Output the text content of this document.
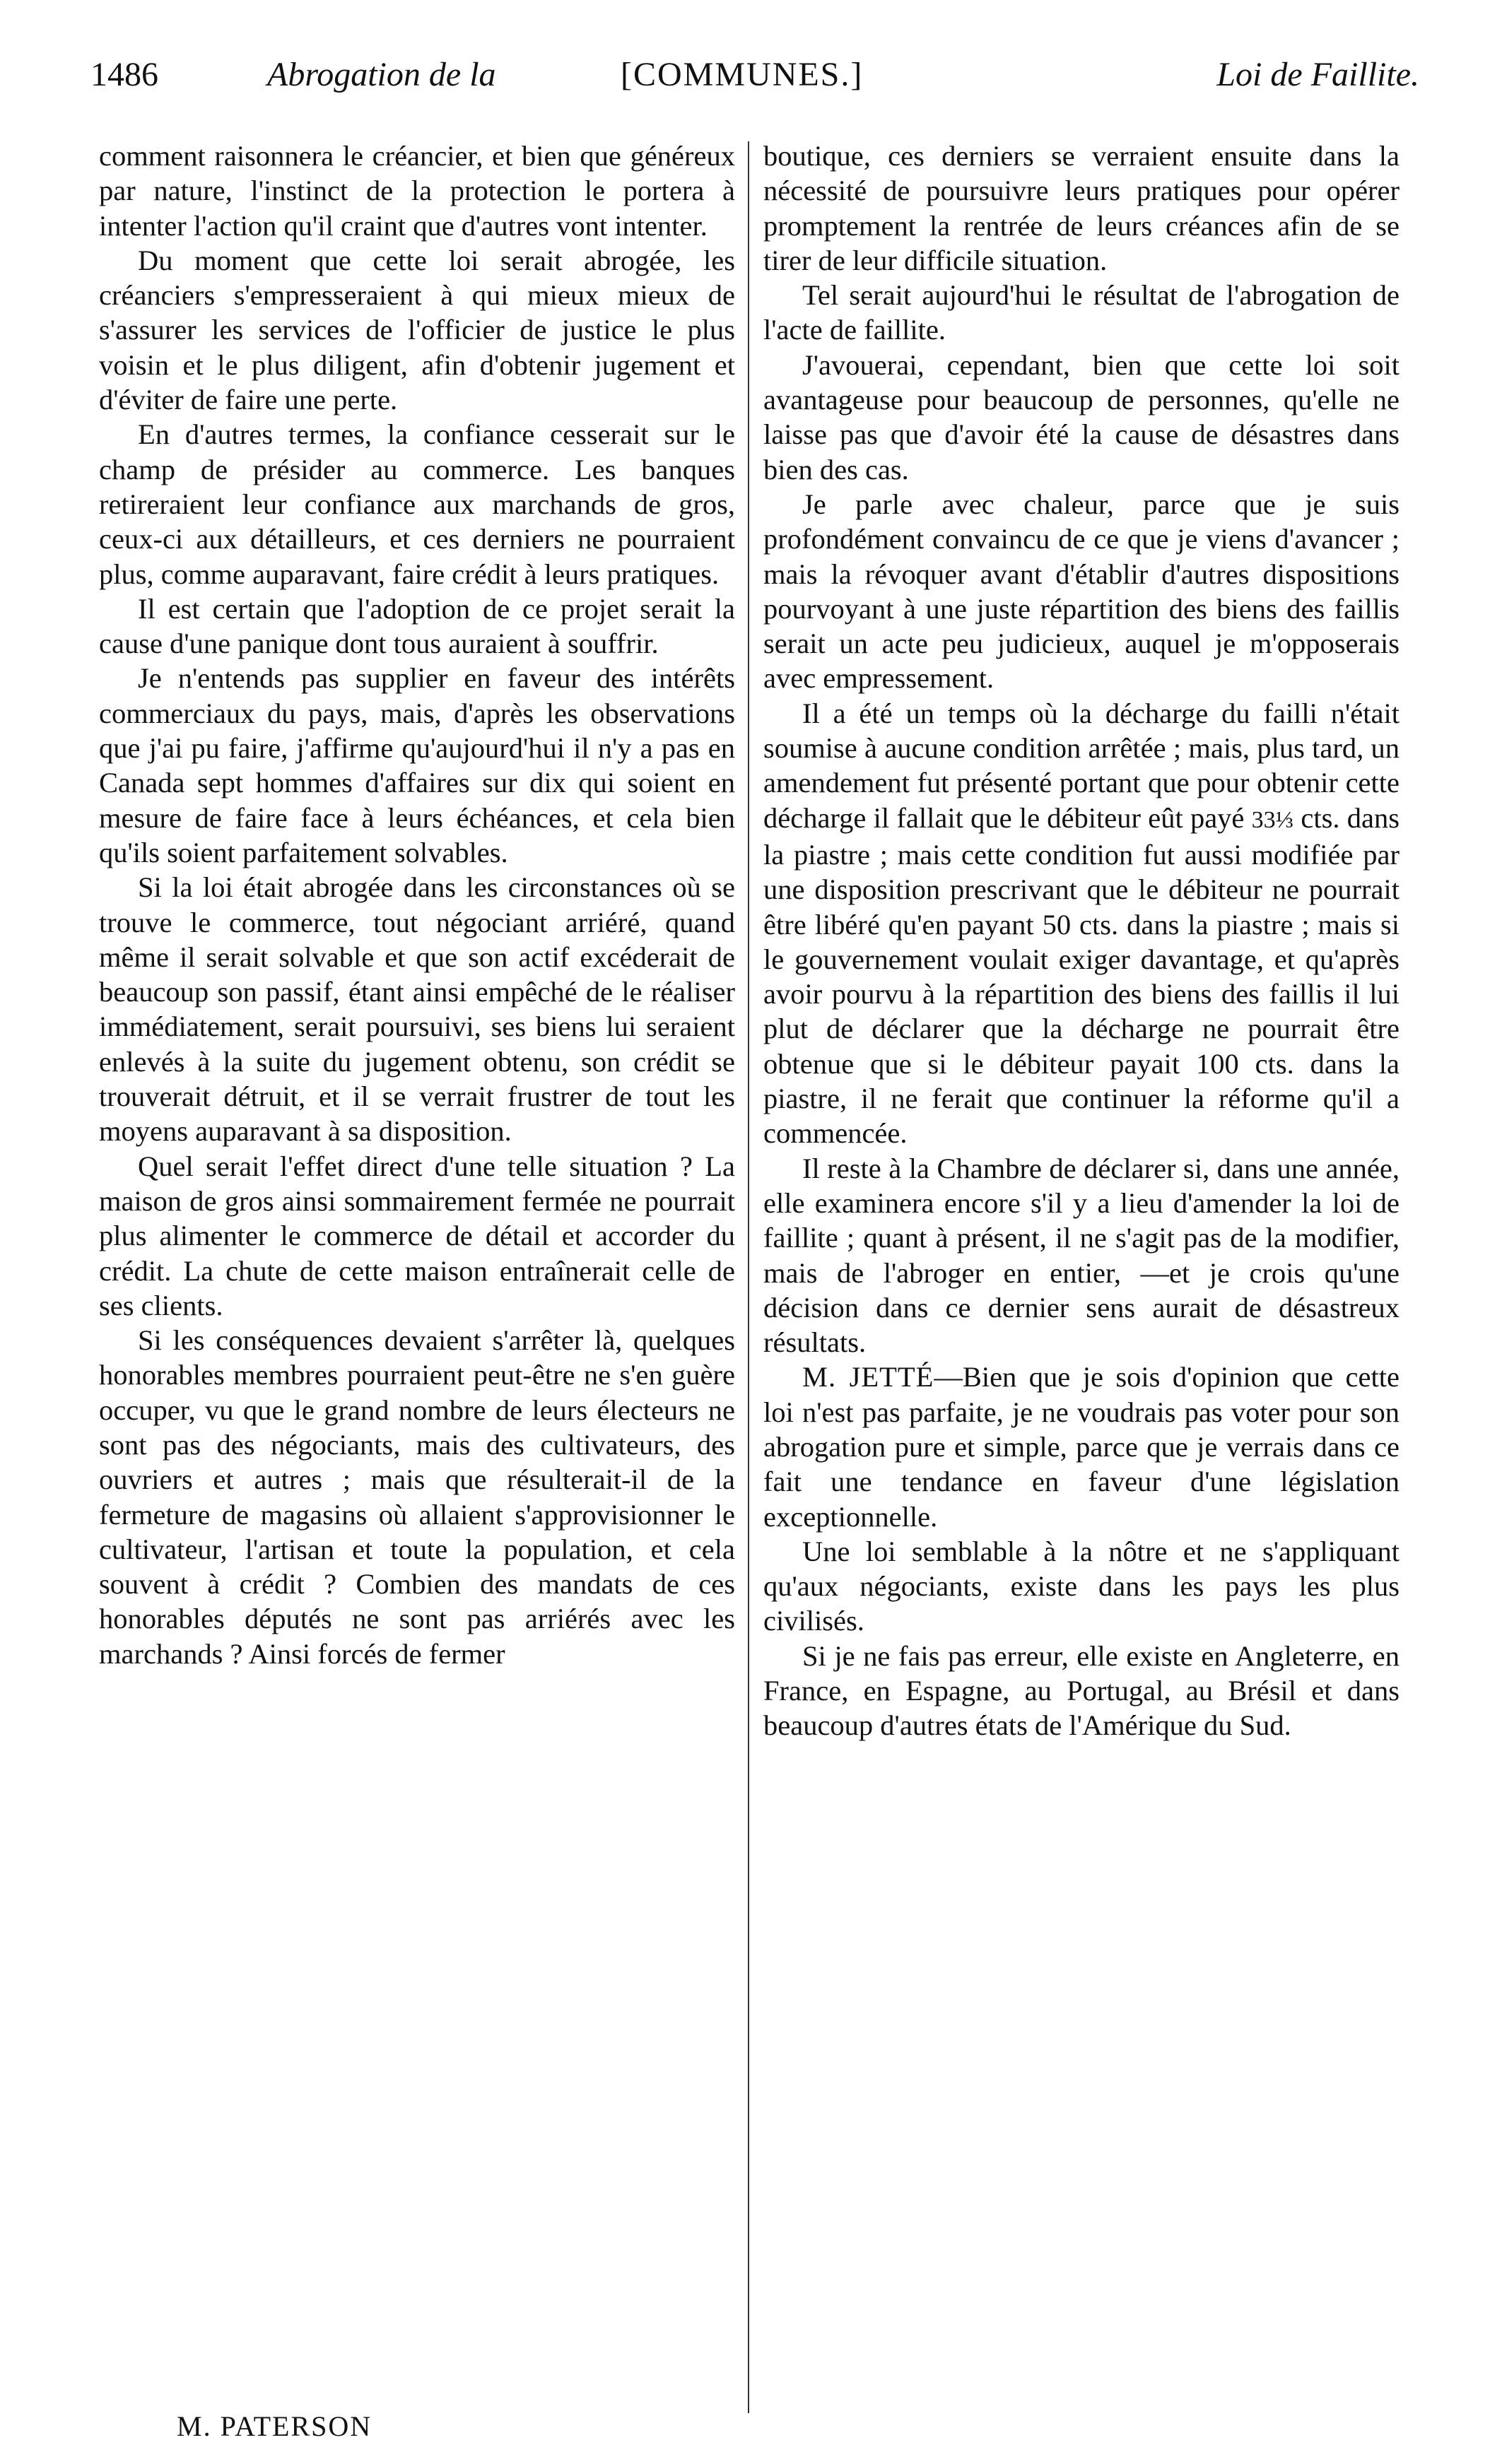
1486	Abrogation de la	[COMMUNES.]	Loi de Faillite.

comment raisonnera le créancier, et bien que généreux par nature, l'instinct de la protection le portera à intenter l'action qu'il craint que d'autres vont intenter.

Du moment que cette loi serait abrogée, les créanciers s'empresseraient à qui mieux mieux de s'assurer les services de l'officier de justice le plus voisin et le plus diligent, afin d'obtenir jugement et d'éviter de faire une perte.

En d'autres termes, la confiance cesserait sur le champ de présider au commerce. Les banques retireraient leur confiance aux marchands de gros, ceux-ci aux détailleurs, et ces derniers ne pourraient plus, comme auparavant, faire crédit à leurs pratiques.

Il est certain que l'adoption de ce projet serait la cause d'une panique dont tous auraient à souffrir.

Je n'entends pas supplier en faveur des intérêts commerciaux du pays, mais, d'après les observations que j'ai pu faire, j'affirme qu'aujourd'hui il n'y a pas en Canada sept hommes d'affaires sur dix qui soient en mesure de faire face à leurs échéances, et cela bien qu'ils soient parfaitement solvables.

Si la loi était abrogée dans les circonstances où se trouve le commerce, tout négociant arriéré, quand même il serait solvable et que son actif excéderait de beaucoup son passif, étant ainsi empêché de le réaliser immédiatement, serait poursuivi, ses biens lui seraient enlevés à la suite du jugement obtenu, son crédit se trouverait détruit, et il se verrait frustrer de tout les moyens auparavant à sa disposition.

Quel serait l'effet direct d'une telle situation ? La maison de gros ainsi sommairement fermée ne pourrait plus alimenter le commerce de détail et accorder du crédit. La chute de cette maison entraînerait celle de ses clients.

Si les conséquences devaient s'arrêter là, quelques honorables membres pourraient peut-être ne s'en guère occuper, vu que le grand nombre de leurs électeurs ne sont pas des négociants, mais des cultivateurs, des ouvriers et autres ; mais que résulterait-il de la fermeture de magasins où allaient s'approvisionner le cultivateur, l'artisan et toute la population, et cela souvent à crédit ? Combien des mandats de ces honorables députés ne sont pas arriérés avec les marchands ? Ainsi forcés de fermer

M. PATERSON

boutique, ces derniers se verraient ensuite dans la nécessité de poursuivre leurs pratiques pour opérer promptement la rentrée de leurs créances afin de se tirer de leur difficile situation.

Tel serait aujourd'hui le résultat de l'abrogation de l'acte de faillite.

J'avouerai, cependant, bien que cette loi soit avantageuse pour beaucoup de personnes, qu'elle ne laisse pas que d'avoir été la cause de désastres dans bien des cas.

Je parle avec chaleur, parce que je suis profondément convaincu de ce que je viens d'avancer ; mais la révoquer avant d'établir d'autres dispositions pourvoyant à une juste répartition des biens des faillis serait un acte peu judicieux, auquel je m'opposerais avec empressement.

Il a été un temps où la décharge du failli n'était soumise à aucune condition arrêtée ; mais, plus tard, un amendement fut présenté portant que pour obtenir cette décharge il fallait que le débiteur eût payé 33⅓ cts. dans la piastre ; mais cette condition fut aussi modifiée par une disposition prescrivant que le débiteur ne pourrait être libéré qu'en payant 50 cts. dans la piastre ; mais si le gouvernement voulait exiger davantage, et qu'après avoir pourvu à la répartition des biens des faillis il lui plut de déclarer que la décharge ne pourrait être obtenue que si le débiteur payait 100 cts. dans la piastre, il ne ferait que continuer la réforme qu'il a commencée.

Il reste à la Chambre de déclarer si, dans une année, elle examinera encore s'il y a lieu d'amender la loi de faillite ; quant à présent, il ne s'agit pas de la modifier, mais de l'abroger en entier, —et je crois qu'une décision dans ce dernier sens aurait de désastreux résultats.

M. JETTÉ—Bien que je sois d'opinion que cette loi n'est pas parfaite, je ne voudrais pas voter pour son abrogation pure et simple, parce que je verrais dans ce fait une tendance en faveur d'une législation exceptionnelle.

Une loi semblable à la nôtre et ne s'appliquant qu'aux négociants, existe dans les pays les plus civilisés.

Si je ne fais pas erreur, elle existe en Angleterre, en France, en Espagne, au Portugal, au Brésil et dans beaucoup d'autres états de l'Amérique du Sud.
